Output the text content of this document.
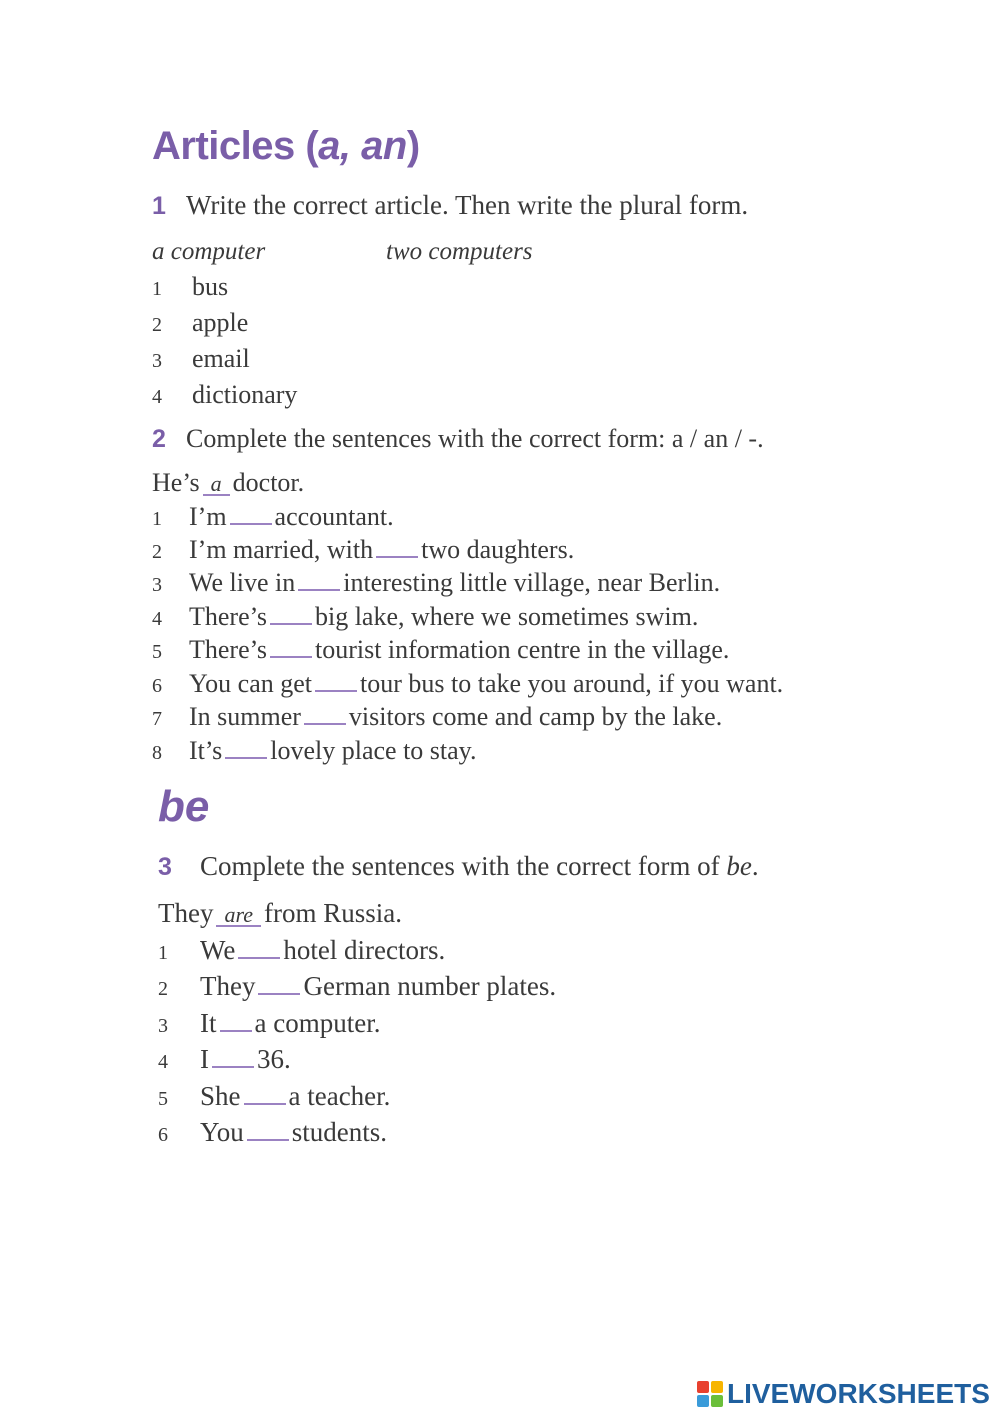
Articles (a, an)
1 Write the correct article. Then write the plural form.
a computer	two computers
1 bus
2 apple
3 email
4 dictionary
2 Complete the sentences with the correct form: a / an / -.
He’s a doctor.
1 I’m accountant.
2 I’m married, with two daughters.
3 We live in interesting little village, near Berlin.
4 There’s big lake, where we sometimes swim.
5 There’s tourist information centre in the village.
6 You can get tour bus to take you around, if you want.
7 In summer visitors come and camp by the lake.
8 It’s lovely place to stay.
be
3 Complete the sentences with the correct form of be.
They are from Russia.
1 We hotel directors.
2 They German number plates.
3 It a computer.
4 I 36.
5 She a teacher.
6 You students.
LIVEWORKSHEETS
